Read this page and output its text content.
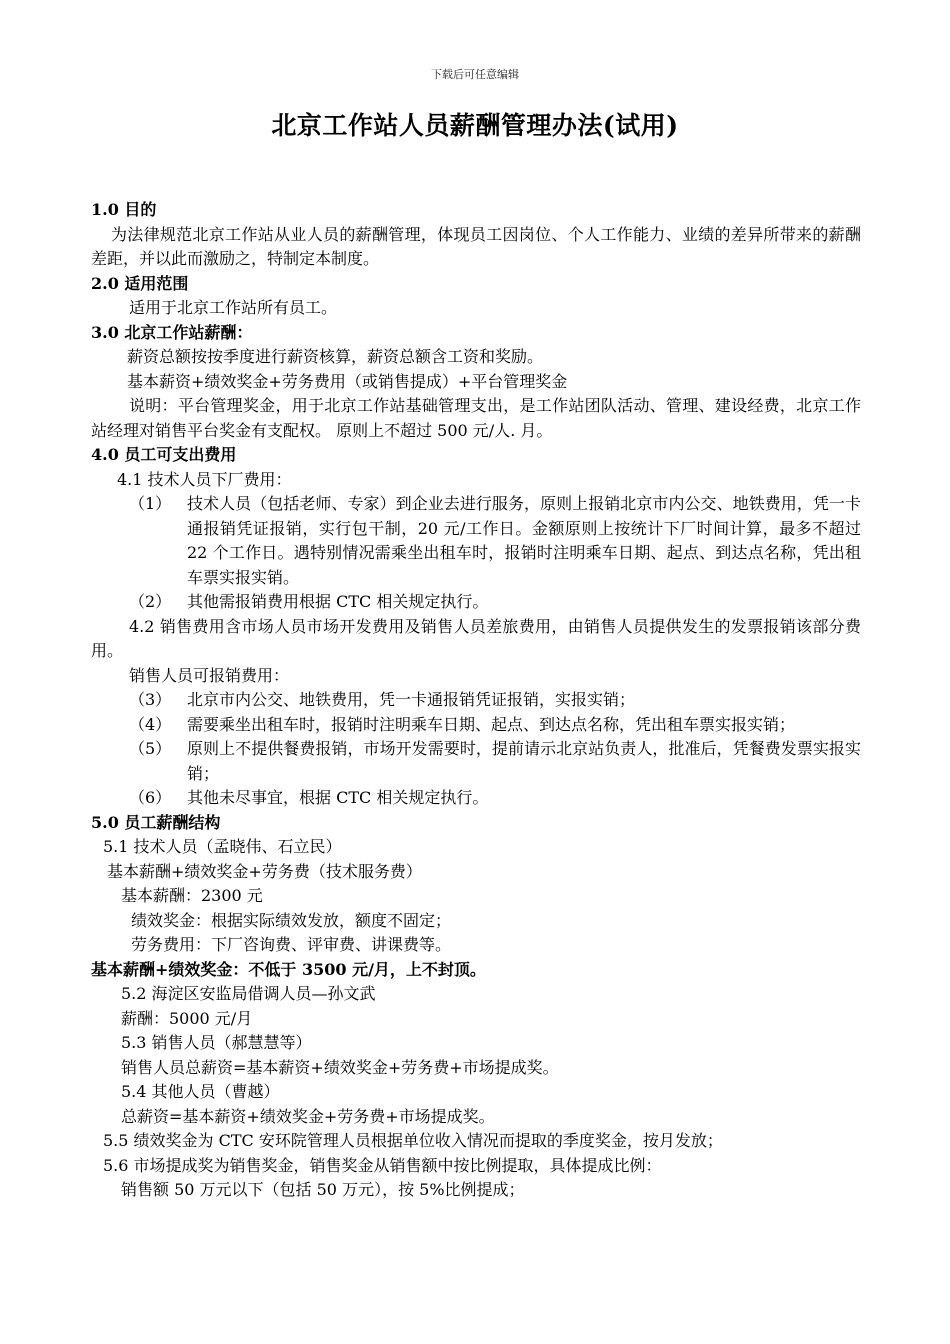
下载后可任意编辑
北京工作站人员薪酬管理办法(试用)
1.0 目的
为法律规范北京工作站从业人员的薪酬管理，体现员工因岗位、个人工作能力、业绩的差异所带来的薪酬差距，并以此而激励之，特制定本制度。
2.0 适用范围
适用于北京工作站所有员工。
3.0 北京工作站薪酬：
薪资总额按按季度进行薪资核算，薪资总额含工资和奖励。
基本薪资+绩效奖金+劳务费用（或销售提成）+平台管理奖金
说明：平台管理奖金，用于北京工作站基础管理支出，是工作站团队活动、管理、建设经费，北京工作站经理对销售平台奖金有支配权。 原则上不超过 500 元/人. 月。
4.0 员工可支出费用
4.1 技术人员下厂费用：
（1） 技术人员（包括老师、专家）到企业去进行服务，原则上报销北京市内公交、地铁费用，凭一卡通报销凭证报销，实行包干制，20 元/工作日。金额原则上按统计下厂时间计算，最多不超过 22 个工作日。遇特别情况需乘坐出租车时，报销时注明乘车日期、起点、到达点名称，凭出租车票实报实销。
（2） 其他需报销费用根据 CTC 相关规定执行。
4.2 销售费用含市场人员市场开发费用及销售人员差旅费用，由销售人员提供发生的发票报销该部分费用。
销售人员可报销费用：
（3） 北京市内公交、地铁费用，凭一卡通报销凭证报销，实报实销；
（4） 需要乘坐出租车时，报销时注明乘车日期、起点、到达点名称，凭出租车票实报实销；
（5） 原则上不提供餐费报销，市场开发需要时，提前请示北京站负责人，批准后，凭餐费发票实报实销；
（6） 其他未尽事宜，根据 CTC 相关规定执行。
5.0 员工薪酬结构
5.1 技术人员（孟晓伟、石立民）
基本薪酬+绩效奖金+劳务费（技术服务费）
基本薪酬：2300 元
绩效奖金：根据实际绩效发放，额度不固定；
劳务费用：下厂咨询费、评审费、讲课费等。
基本薪酬+绩效奖金：不低于 3500 元/月，上不封顶。
5.2 海淀区安监局借调人员—孙文武
薪酬：5000 元/月
5.3 销售人员（郝慧慧等）
销售人员总薪资=基本薪资+绩效奖金+劳务费+市场提成奖。
5.4 其他人员（曹越）
总薪资=基本薪资+绩效奖金+劳务费+市场提成奖。
5.5 绩效奖金为 CTC 安环院管理人员根据单位收入情况而提取的季度奖金，按月发放；
5.6 市场提成奖为销售奖金，销售奖金从销售额中按比例提取，具体提成比例：
销售额 50 万元以下（包括 50 万元），按 5%比例提成；
